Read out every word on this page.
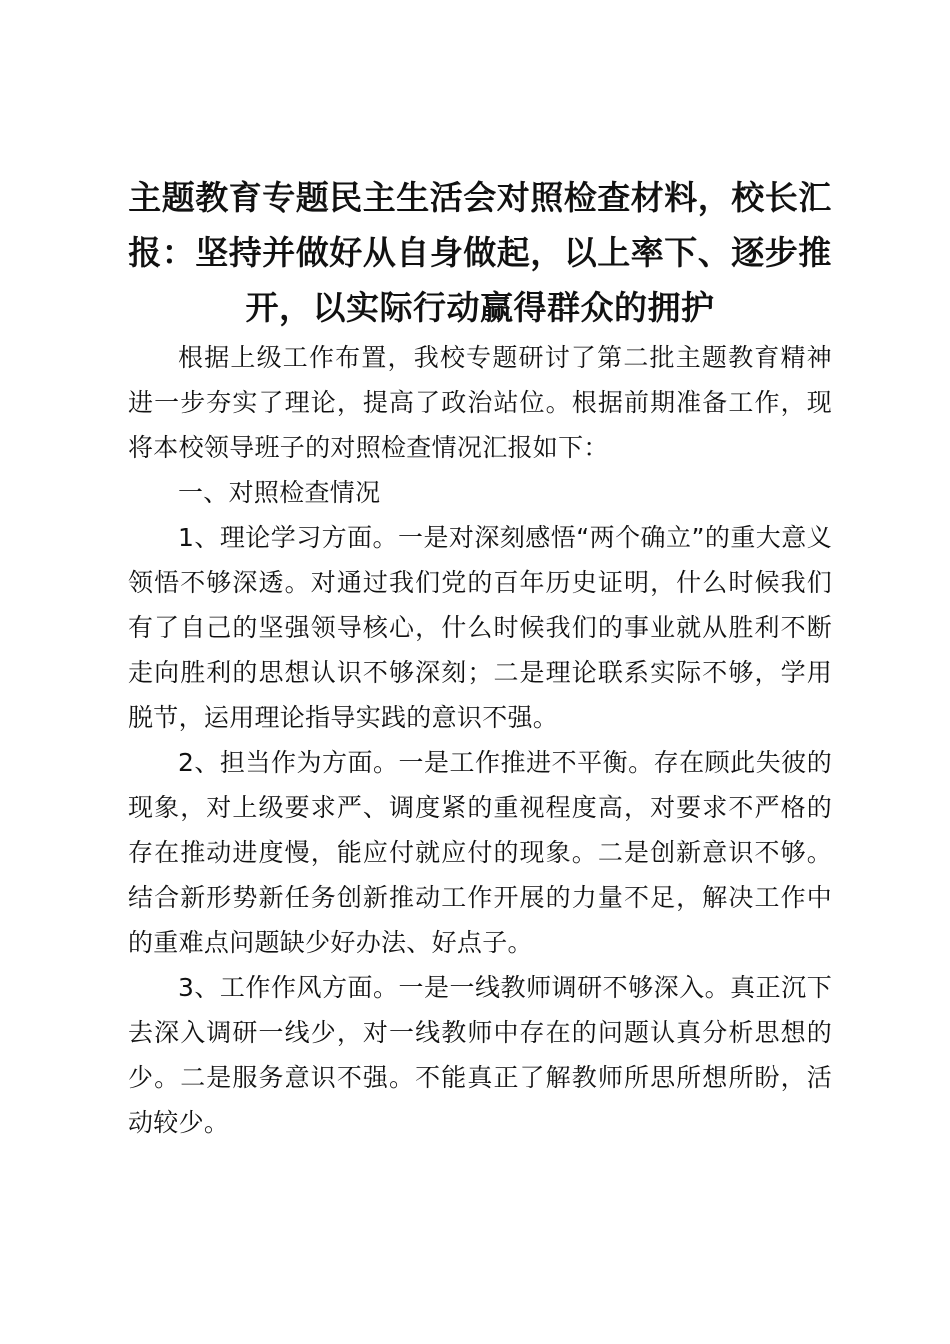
主题教育专题民主生活会对照检查材料，校长汇报：坚持并做好从自身做起，以上率下、逐步推开，以实际行动赢得群众的拥护

根据上级工作布置，我校专题研讨了第二批主题教育精神进一步夯实了理论，提高了政治站位。根据前期准备工作，现将本校领导班子的对照检查情况汇报如下：

一、对照检查情况

1、理论学习方面。一是对深刻感悟“两个确立”的重大意义领悟不够深透。对通过我们党的百年历史证明，什么时候我们有了自己的坚强领导核心，什么时候我们的事业就从胜利不断走向胜利的思想认识不够深刻；二是理论联系实际不够，学用脱节，运用理论指导实践的意识不强。

2、担当作为方面。一是工作推进不平衡。存在顾此失彼的现象，对上级要求严、调度紧的重视程度高，对要求不严格的存在推动进度慢，能应付就应付的现象。二是创新意识不够。结合新形势新任务创新推动工作开展的力量不足，解决工作中的重难点问题缺少好办法、好点子。

3、工作作风方面。一是一线教师调研不够深入。真正沉下去深入调研一线少，对一线教师中存在的问题认真分析思想的少。二是服务意识不强。不能真正了解教师所思所想所盼，活动较少。
